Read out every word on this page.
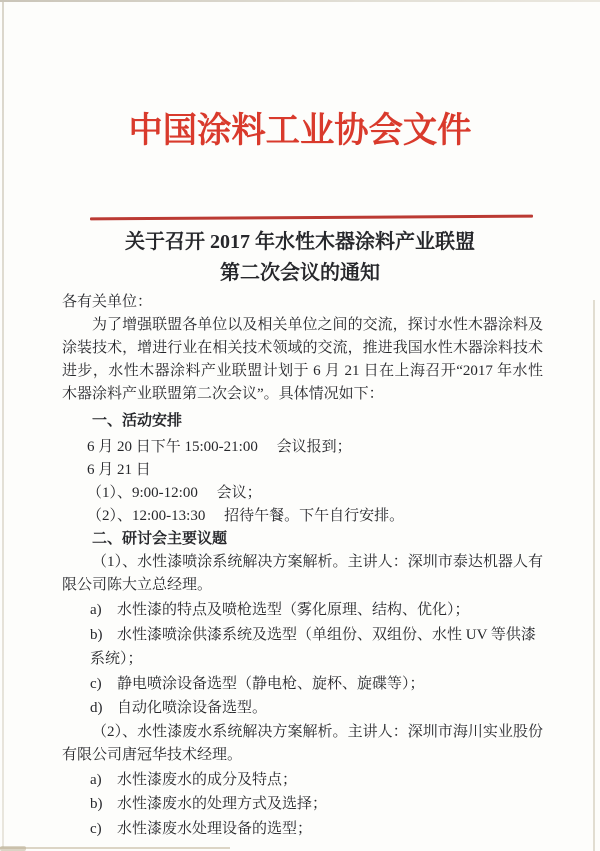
中国涂料工业协会文件
关于召开 2017 年水性木器涂料产业联盟
第二次会议的通知

各有关单位：

为了增强联盟各单位以及相关单位之间的交流，探讨水性木器涂料及涂装技术，增进行业在相关技术领域的交流，推进我国水性木器涂料技术进步，水性木器涂料产业联盟计划于 6 月 21 日在上海召开“2017 年水性木器涂料产业联盟第二次会议”。具体情况如下：

一、活动安排

6 月 20 日下午 15:00-21:00　 会议报到；

6 月 21 日

（1）、9:00-12:00　 会议；

（2）、12:00-13:30　 招待午餐。下午自行安排。

二、研讨会主要议题

（1）、水性漆喷涂系统解决方案解析。主讲人：深圳市泰达机器人有限公司陈大立总经理。

a) 水性漆的特点及喷枪选型（雾化原理、结构、优化）；
b) 水性漆喷涂供漆系统及选型（单组份、双组份、水性 UV 等供漆系统）；
c) 静电喷涂设备选型（静电枪、旋杯、旋碟等）；
d) 自动化喷涂设备选型。

（2）、水性漆废水系统解决方案解析。主讲人：深圳市海川实业股份有限公司唐冠华技术经理。

a) 水性漆废水的成分及特点；
b) 水性漆废水的处理方式及选择；
c) 水性漆废水处理设备的选型；
